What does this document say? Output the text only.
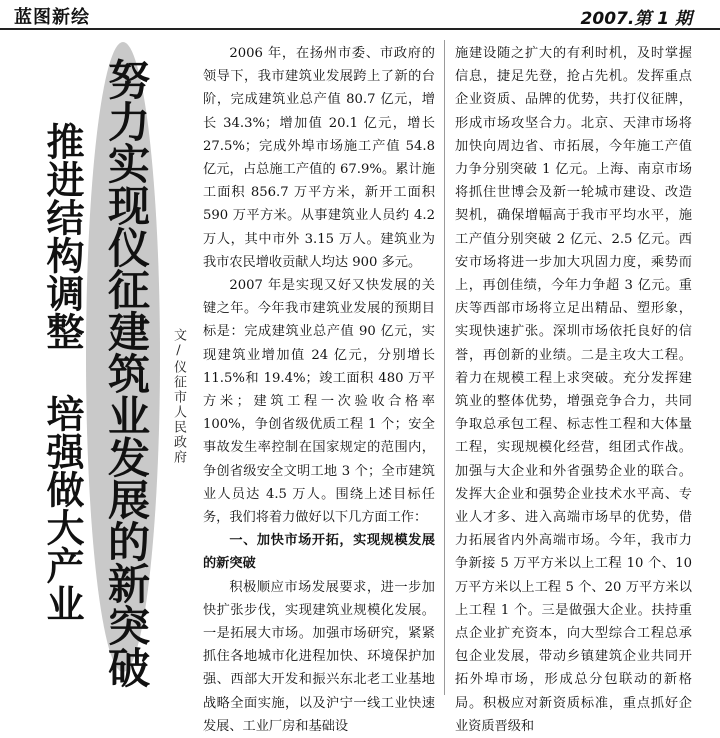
蓝图新绘	2007.第 1 期
努力实现仪征建筑业发展的新突破
推进结构调整 培强做大产业	文/仪征市人民政府

2006 年，在扬州市委、市政府的领导下，我市建筑业发展跨上了新的台阶，完成建筑业总产值 80.7 亿元，增长 34.3%；增加值 20.1 亿元，增长 27.5%；完成外埠市场施工产值 54.8 亿元，占总施工产值的 67.9%。累计施工面积 856.7 万平方米，新开工面积 590 万平方米。从事建筑业人员约 4.2 万人，其中市外 3.15 万人。建筑业为我市农民增收贡献人均达 900 多元。

2007 年是实现又好又快发展的关键之年。今年我市建筑业发展的预期目标是：完成建筑业总产值 90 亿元，实现建筑业增加值 24 亿元，分别增长 11.5%和 19.4%；竣工面积 480 万平方米；建筑工程一次验收合格率 100%，争创省级优质工程 1 个；安全事故发生率控制在国家规定的范围内，争创省级安全文明工地 3 个；全市建筑业人员达 4.5 万人。围绕上述目标任务，我们将着力做好以下几方面工作：

一、加快市场开拓，实现规模发展的新突破

积极顺应市场发展要求，进一步加快扩张步伐，实现建筑业规模化发展。一是拓展大市场。加强市场研究，紧紧抓住各地城市化进程加快、环境保护加强、西部大开发和振兴东北老工业基地战略全面实施，以及沪宁一线工业快速发展、工业厂房和基础设

施建设随之扩大的有利时机，及时掌握信息，捷足先登，抢占先机。发挥重点企业资质、品牌的优势，共打仪征牌，形成市场攻坚合力。北京、天津市场将加快向周边省、市拓展，今年施工产值力争分别突破 1 亿元。上海、南京市场将抓住世博会及新一轮城市建设、改造契机，确保增幅高于我市平均水平，施工产值分别突破 2 亿元、2.5 亿元。西安市场将进一步加大巩固力度，乘势而上，再创佳绩，今年力争超 3 亿元。重庆等西部市场将立足出精品、塑形象，实现快速扩张。深圳市场依托良好的信誉，再创新的业绩。二是主攻大工程。着力在规模工程上求突破。充分发挥建筑业的整体优势，增强竞争合力，共同争取总承包工程、标志性工程和大体量工程，实现规模化经营，组团式作战。加强与大企业和外省强势企业的联合。发挥大企业和强势企业技术水平高、专业人才多、进入高端市场早的优势，借力拓展省内外高端市场。今年，我市力争新接 5 万平方米以上工程 10 个、10 万平方米以上工程 5 个、20 万平方米以上工程 1 个。三是做强大企业。扶持重点企业扩充资本，向大型综合工程总承包企业发展，带动乡镇建筑企业共同开拓外埠市场，形成总分包联动的新格局。积极应对新资质标准，重点抓好企业资质晋级和
